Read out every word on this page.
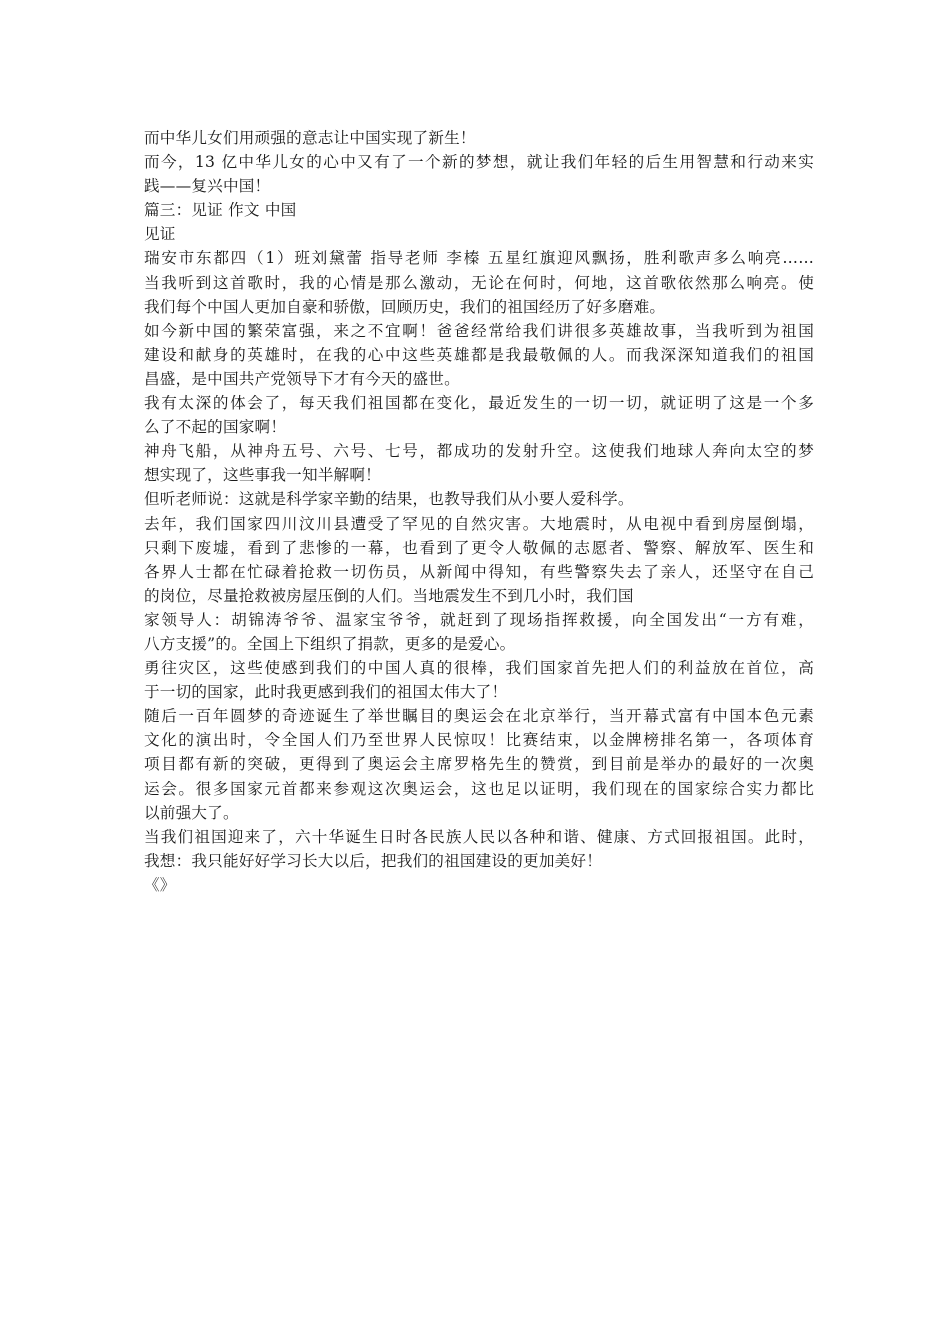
而中华儿女们用顽强的意志让中国实现了新生！
而今，13 亿中华儿女的心中又有了一个新的梦想，就让我们年轻的后生用智慧和行动来实
践——复兴中国！
篇三：见证 作文 中国
见证
瑞安市东都四（1）班刘黛蕾 指导老师 李榛 五星红旗迎风飘扬，胜利歌声多么响亮……
当我听到这首歌时，我的心情是那么激动，无论在何时，何地，这首歌依然那么响亮。使
我们每个中国人更加自豪和骄傲，回顾历史，我们的祖国经历了好多磨难。
如今新中国的繁荣富强，来之不宜啊！爸爸经常给我们讲很多英雄故事，当我听到为祖国
建设和献身的英雄时，在我的心中这些英雄都是我最敬佩的人。而我深深知道我们的祖国
昌盛，是中国共产党领导下才有今天的盛世。
我有太深的体会了，每天我们祖国都在变化，最近发生的一切一切，就证明了这是一个多
么了不起的国家啊！
神舟飞船，从神舟五号、六号、七号，都成功的发射升空。这使我们地球人奔向太空的梦
想实现了，这些事我一知半解啊！
但听老师说：这就是科学家辛勤的结果，也教导我们从小要人爱科学。
去年，我们国家四川汶川县遭受了罕见的自然灾害。大地震时，从电视中看到房屋倒塌，
只剩下废墟，看到了悲惨的一幕，也看到了更令人敬佩的志愿者、警察、解放军、医生和
各界人士都在忙碌着抢救一切伤员，从新闻中得知，有些警察失去了亲人，还坚守在自己
的岗位，尽量抢救被房屋压倒的人们。当地震发生不到几小时，我们国
家领导人：胡锦涛爷爷、温家宝爷爷，就赶到了现场指挥救援，向全国发出“一方有难，
八方支援”的。全国上下组织了捐款，更多的是爱心。
勇往灾区，这些使感到我们的中国人真的很棒，我们国家首先把人们的利益放在首位，高
于一切的国家，此时我更感到我们的祖国太伟大了！
随后一百年圆梦的奇迹诞生了举世瞩目的奥运会在北京举行，当开幕式富有中国本色元素
文化的演出时，令全国人们乃至世界人民惊叹！比赛结束，以金牌榜排名第一，各项体育
项目都有新的突破，更得到了奥运会主席罗格先生的赞赏，到目前是举办的最好的一次奥
运会。很多国家元首都来参观这次奥运会，这也足以证明，我们现在的国家综合实力都比
以前强大了。
当我们祖国迎来了，六十华诞生日时各民族人民以各种和谐、健康、方式回报祖国。此时，
我想：我只能好好学习长大以后，把我们的祖国建设的更加美好！
《》
